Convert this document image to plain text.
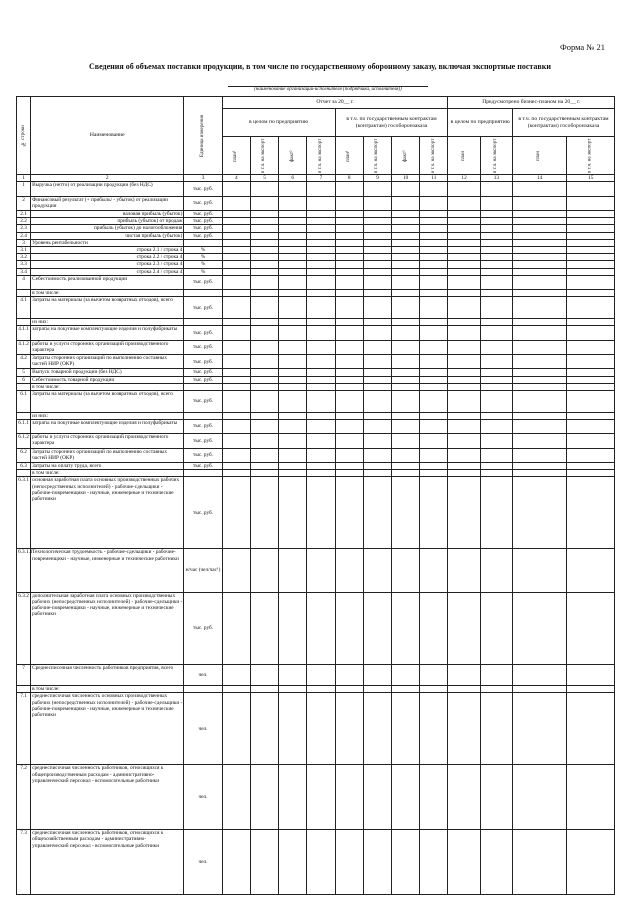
Форма № 21
Сведения об объемах поставки продукции, в том числе по государственному оборонному заказу, включая экспортные поставки
(наименование организации-исполнителя (подрядчика, исполнителя))
№ строки	Наименование	Единица измерения	Отчет за 20__ г.								Предусмотрено бизнес-планом на 20__ г.			
			в целом по предприятию				в т.ч. по государственным контрактам (контрактам) гособоронзаказа				в целом по предприятию		в т.ч. по государственным контрактам (контрактам) гособоронзаказа	
			план¹	в т.ч. на экспорт	факт²	в т.ч. на экспорт	план¹	в т.ч. на экспорт	факт³	в т.ч. на экспорт	план	в т.ч. на экспорт	план	в т.ч. на экспорт

1	2	3	4	5	6	7	8	9	10	11	12	13	14	15
1	Выручка (нетто) от реализации продукции (без НДС)	тыс. руб.												
2	Финансовый результат (+ прибыль/ - убыток) от реализации продукции	тыс. руб.												
2.1	валовая прибыль (убыток)	тыс. руб.												
2.2	прибыль (убыток) от продаж	тыс. руб.												
2.3	прибыль (убыток) до налогообложения	тыс. руб.												
2.4	чистая прибыль (убыток)	тыс. руб.												
3	Уровень рентабельности													
3.1	строка 2.1 / строка 4	%												
3.2	строка 2.2 / строка 4	%												
3.3	строка 2.3 / строка 4	%												
3.4	строка 2.4 / строка 4	%												
4	Себестоимость реализованной продукции	тыс. руб.												
	в том числе:													
4.1	Затраты на материалы (за вычетом возвратных отходов), всего	тыс. руб.												
	из них:													
4.1.1	затраты на покупные комплектующие изделия и полуфабрикаты	тыс. руб.												
4.1.2	работы и услуги сторонних организаций производственного характера	тыс. руб.												
4.2	Затраты сторонних организаций по выполнению составных частей НИР (ОКР)	тыс. руб.												
5	Выпуск товарной продукции (без НДС)	тыс. руб.												
6	Себестоимость товарной продукции	тыс. руб.												
	в том числе:													
6.1	Затраты на материалы (за вычетом возвратных отходов), всего	тыс. руб.												
	из них:													
6.1.1	затраты на покупные комплектующие изделия и полуфабрикаты	тыс. руб.												
6.1.2	работы и услуги сторонних организаций производственного характера	тыс. руб.												
6.2	Затраты сторонних организаций по выполнению составных частей НИР (ОКР)	тыс. руб.												
6.3	Затраты на оплату труда, всего	тыс. руб.												
	в том числе:													
6.3.1	основная заработная плата основных производственных рабочих (непосредственных исполнителей) - рабочие-сдельщики - рабочие-повременщики - научные, инженерные и технические работники	тыс. руб.												
6.3.1.1	Технологическая трудоемкость - рабочие-сдельщики - рабочие-повременщики - научные, инженерные и технические работники	н/час (чел/час¹)												
6.3.2	дополнительная заработная плата основных производственных рабочих (непосредственных исполнителей) - рабочие-сдельщики - рабочие-повременщики - научные, инженерные и технические работники	тыс. руб.												
7	Среднесписочная численность работников предприятия, всего	чел.												
	в том числе:													
7.1	среднесписочная численность основных производственных рабочих (непосредственных исполнителей) - рабочие-сдельщики - рабочие-повременщики - научные, инженерные и технические работники	чел.												
7.2	среднесписочная численность работников, относящихся к общепроизводственным расходам - административно-управленческий персонал - вспомогательные работники	чел.												
7.3	среднесписочная численность работников, относящихся к общехозяйственным расходам - административно-управленческий персонал - вспомогательные работники	чел.												
